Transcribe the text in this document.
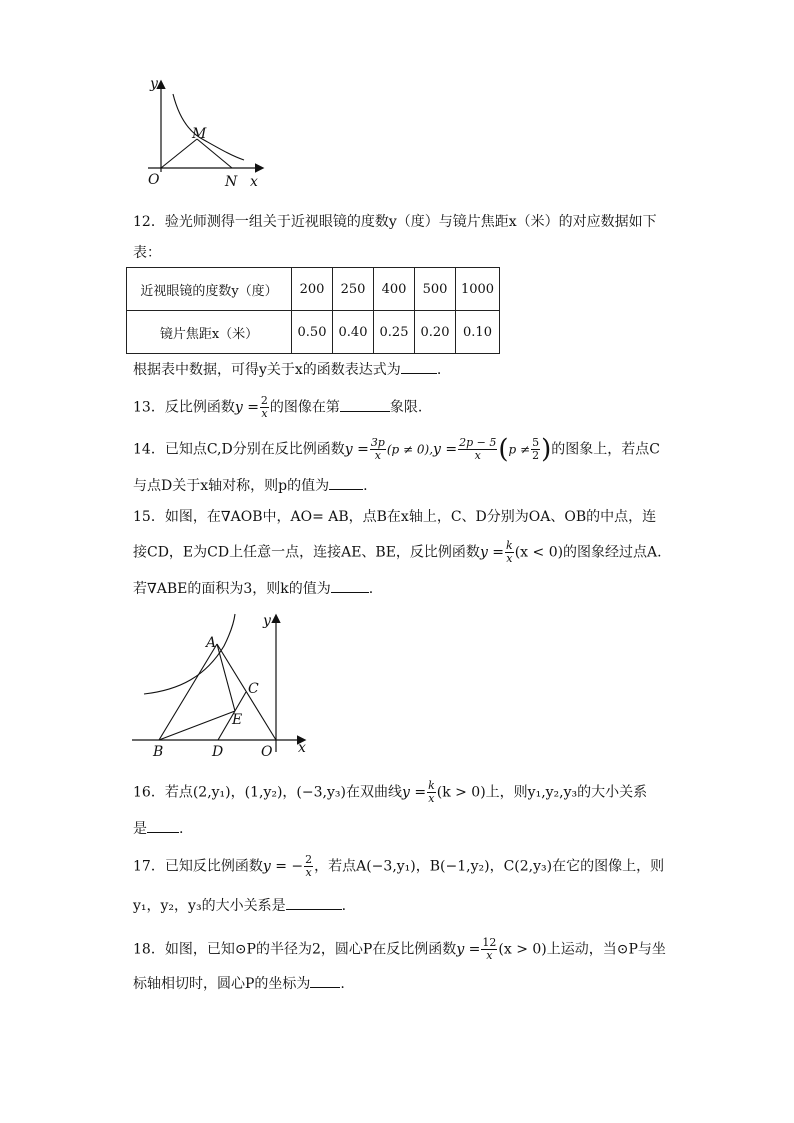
y
M
O	N x
12．验光师测得一组关于近视眼镜的度数y（度）与镜片焦距x（米）的对应数据如下
表：
近视眼镜的度数y（度）	200	250	400	500	1000
镜片焦距x（米）	0.50	0.40	0.25	0.20	0.10
根据表中数据，可得y关于x的函数表达式为	.
13．反比例函数$y = \frac{2}{x}$ 的图像在第	象限.
14．已知点C,D分别在反比例函数$y = \frac{3p}{x} (p \ne 0),y = \frac{2p - 5}{x} (p \ne \frac{5}{2}$ )的图象上，若点C
与点D关于x轴对称，则p的值为 .
15．如图，在∇AOB中，AO= AB，点B在x轴上，C、D分别为OA、OB的中点，连
接CD，E为CD上任意一点，连接AE、BE，反比例函数$y = \frac{k}{x} (x < 0)$的图象经过点A.
若∇ABE的面积为3，则k的值为	.
y
A
C
E
B	D	O x
16．若点(2,y₁)，(1,y₂)，(−3,y₃)在双曲线$y = \frac{k}{x} (k > 0)$上，则y₁,y₂,y₃的大小关系
是 .
17．已知反比例函数y = − $\frac{2}{x}$ ，若点A(−3,y₁)，B(−1,y₂)，C(2,y₃)在它的图像上，则
y₁，y₂，y₃的大小关系是	.
18．如图，已知⊙P的半径为2，圆心P在反比例函数$y = \frac{12}{x} (x > 0)$上运动，当⊙P与坐
标轴相切时，圆心P的坐标为 .
